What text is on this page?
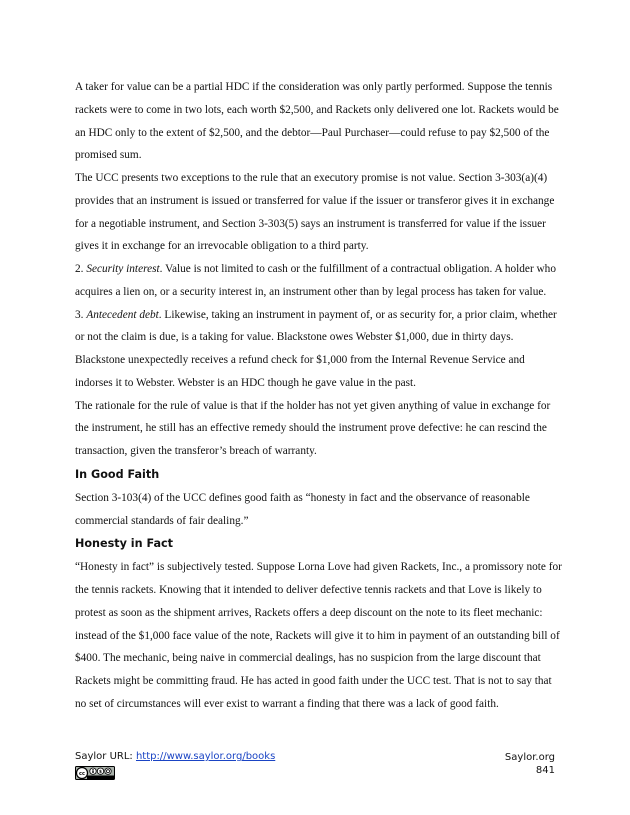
A taker for value can be a partial HDC if the consideration was only partly performed. Suppose the tennis rackets were to come in two lots, each worth $2,500, and Rackets only delivered one lot. Rackets would be an HDC only to the extent of $2,500, and the debtor—Paul Purchaser—could refuse to pay $2,500 of the promised sum.

The UCC presents two exceptions to the rule that an executory promise is not value. Section 3-303(a)(4) provides that an instrument is issued or transferred for value if the issuer or transferor gives it in exchange for a negotiable instrument, and Section 3-303(5) says an instrument is transferred for value if the issuer gives it in exchange for an irrevocable obligation to a third party.

2. Security interest. Value is not limited to cash or the fulfillment of a contractual obligation. A holder who acquires a lien on, or a security interest in, an instrument other than by legal process has taken for value.

3. Antecedent debt. Likewise, taking an instrument in payment of, or as security for, a prior claim, whether or not the claim is due, is a taking for value. Blackstone owes Webster $1,000, due in thirty days. Blackstone unexpectedly receives a refund check for $1,000 from the Internal Revenue Service and indorses it to Webster. Webster is an HDC though he gave value in the past.

The rationale for the rule of value is that if the holder has not yet given anything of value in exchange for the instrument, he still has an effective remedy should the instrument prove defective: he can rescind the transaction, given the transferor’s breach of warranty.

In Good Faith

Section 3-103(4) of the UCC defines good faith as “honesty in fact and the observance of reasonable commercial standards of fair dealing.”

Honesty in Fact

“Honesty in fact” is subjectively tested. Suppose Lorna Love had given Rackets, Inc., a promissory note for the tennis rackets. Knowing that it intended to deliver defective tennis rackets and that Love is likely to protest as soon as the shipment arrives, Rackets offers a deep discount on the note to its fleet mechanic: instead of the $1,000 face value of the note, Rackets will give it to him in payment of an outstanding bill of $400. The mechanic, being naive in commercial dealings, has no suspicion from the large discount that Rackets might be committing fraud. He has acted in good faith under the UCC test. That is not to say that no set of circumstances will ever exist to warrant a finding that there was a lack of good faith.

Saylor URL: http://www.saylor.org/books
cc	$
Saylor.org
841
